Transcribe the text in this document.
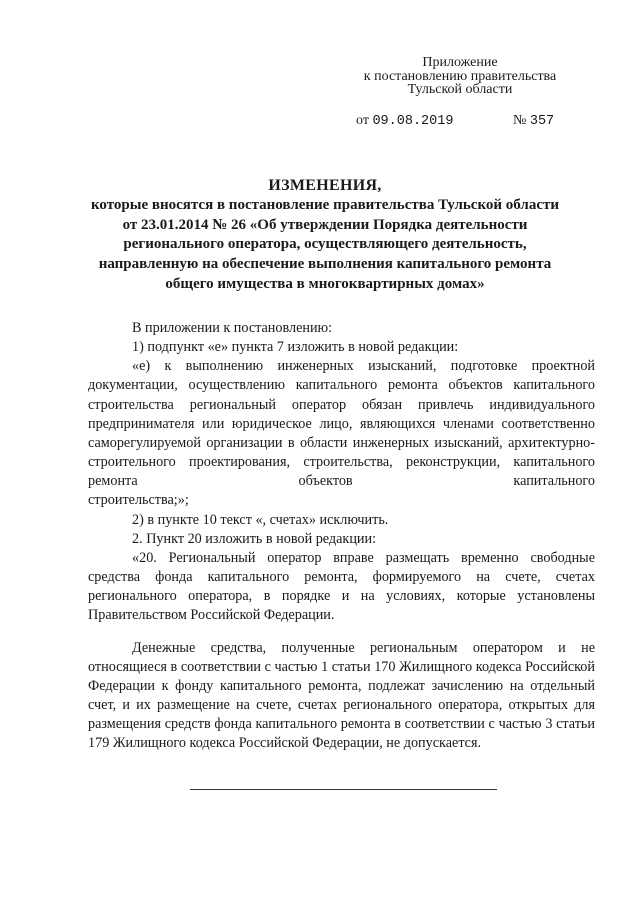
Приложение
к постановлению правительства
Тульской области
от 09.08.2019	№ 357
ИЗМЕНЕНИЯ,
которые вносятся в постановление правительства Тульской области
от 23.01.2014 № 26 «Об утверждении Порядка деятельности
регионального оператора, осуществляющего деятельность,
направленную на обеспечение выполнения капитального ремонта
общего имущества в многоквартирных домах»

В приложении к постановлению:

1) подпункт «е» пункта 7 изложить в новой редакции:

«е) к выполнению инженерных изысканий, подготовке проектной документации, осуществлению капитального ремонта объектов капитального строительства региональный оператор обязан привлечь индивидуального предпринимателя или юридическое лицо, являющихся членами соответственно саморегулируемой организации в области инженерных изысканий, архитектурно-строительного проектирования, строительства, реконструкции, капитального ремонта объектов капитального

строительства;»;

2) в пункте 10 текст «, счетах» исключить.

2. Пункт 20 изложить в новой редакции:

«20. Региональный оператор вправе размещать временно свободные средства фонда капитального ремонта, формируемого на счете, счетах регионального оператора, в порядке и на условиях, которые установлены Правительством Российской Федерации.

Денежные средства, полученные региональным оператором и не относящиеся в соответствии с частью 1 статьи 170 Жилищного кодекса Российской Федерации к фонду капитального ремонта, подлежат зачислению на отдельный счет, и их размещение на счете, счетах регионального оператора, открытых для размещения средств фонда капитального ремонта в соответствии с частью 3 статьи 179 Жилищного кодекса Российской Федерации, не допускается.
